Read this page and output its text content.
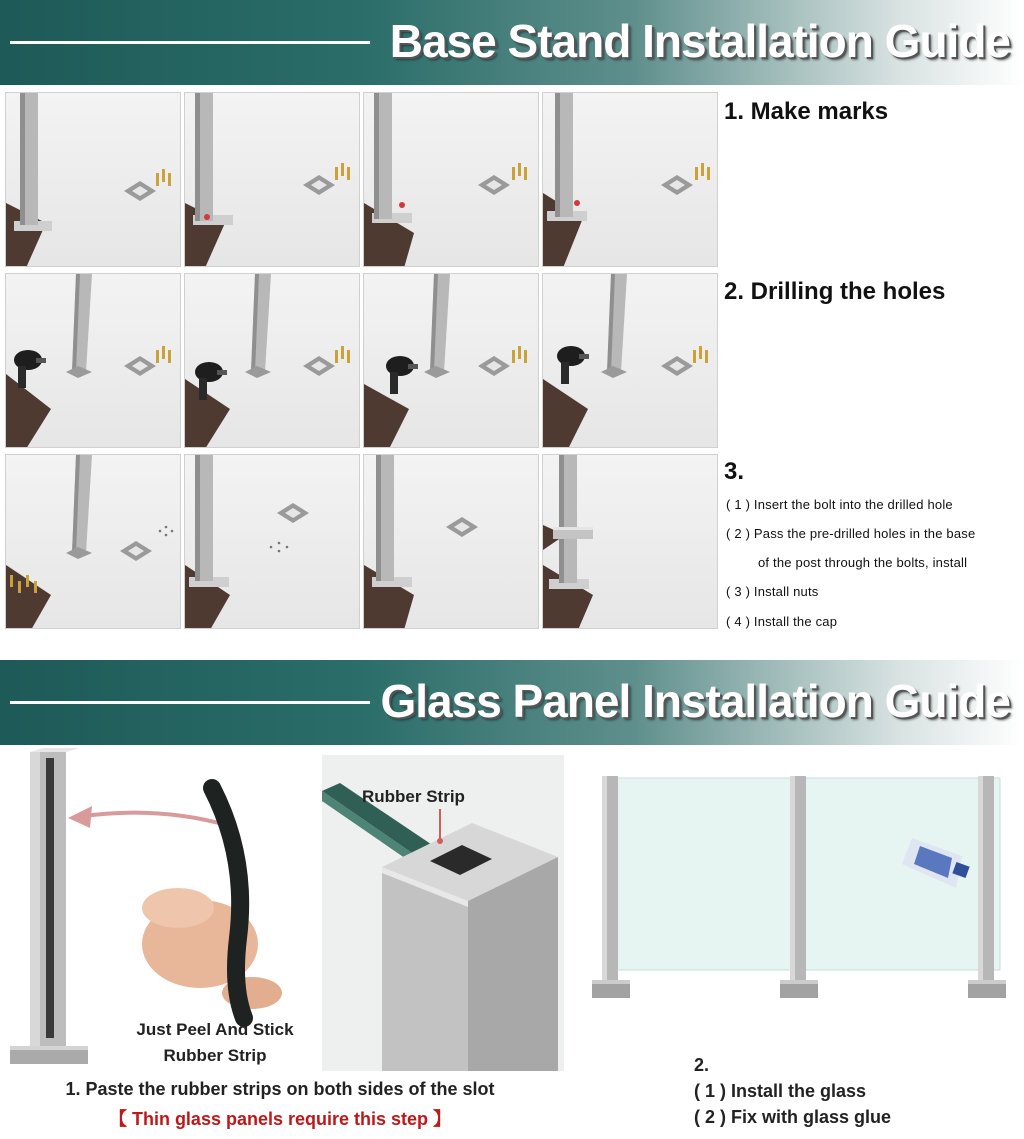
Base Stand Installation Guide
1. Make marks
2. Drilling the holes
3.
( 1 ) Insert the bolt into the drilled hole
( 2 ) Pass the pre-drilled holes in the base
of the post through the bolts, install
( 3 ) Install nuts
( 4 ) Install the cap
Glass Panel Installation Guide
Just Peel And Stick
Rubber Strip
Rubber Strip
1. Paste the rubber strips on both sides of the slot
【 Thin glass panels require this step 】
2.
( 1 ) Install the glass
( 2 ) Fix with glass glue
